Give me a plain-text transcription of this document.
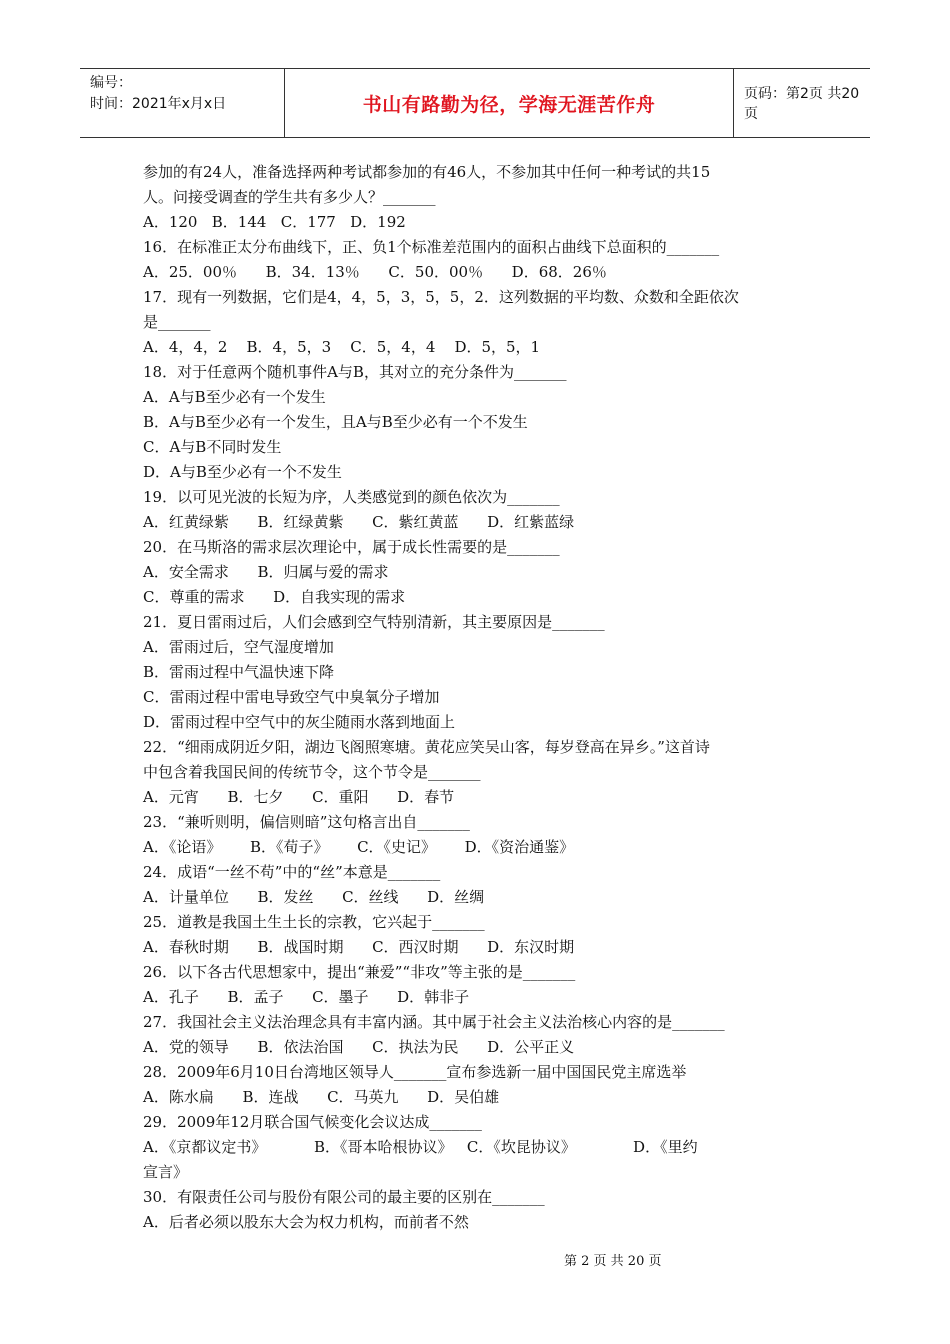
编号：
时间：2021年x月x日	书山有路勤为径，学海无涯苦作舟	页码：第2页 共20页
参加的有24人，准备选择两种考试都参加的有46人，不参加其中任何一种考试的共15
人。问接受调查的学生共有多少人？_______
A．120   B．144   C．177   D．192
16．在标准正太分布曲线下，正、负1个标准差范围内的面积占曲线下总面积的_______
A．25．00％      B．34．13％      C．50．00％      D．68．26％
17．现有一列数据，它们是4，4，5，3，5，5，2．这列数据的平均数、众数和全距依次
是_______
A．4，4，2    B．4，5，3    C．5，4，4    D．5，5，1
18．对于任意两个随机事件A与B，其对立的充分条件为_______
A．A与B至少必有一个发生
B．A与B至少必有一个发生，且A与B至少必有一个不发生
C．A与B不同时发生
D．A与B至少必有一个不发生
19．以可见光波的长短为序，人类感觉到的颜色依次为_______
A．红黄绿紫      B．红绿黄紫      C．紫红黄蓝      D．红紫蓝绿
20．在马斯洛的需求层次理论中，属于成长性需要的是_______
A．安全需求      B．归属与爱的需求
C．尊重的需求      D．自我实现的需求
21．夏日雷雨过后，人们会感到空气特别清新，其主要原因是_______
A．雷雨过后，空气湿度增加
B．雷雨过程中气温快速下降
C．雷雨过程中雷电导致空气中臭氧分子增加
D．雷雨过程中空气中的灰尘随雨水落到地面上
22．“细雨成阴近夕阳，湖边飞阁照寒塘。黄花应笑吴山客，每岁登高在异乡。”这首诗
中包含着我国民间的传统节令，这个节令是_______
A．元宵      B．七夕      C．重阳      D．春节
23．“兼听则明，偏信则暗”这句格言出自_______
A．《论语》      B．《荀子》      C．《史记》      D．《资治通鉴》
24．成语“一丝不苟”中的“丝”本意是_______
A．计量单位      B．发丝      C．丝线      D．丝绸
25．道教是我国土生土长的宗教，它兴起于_______
A．春秋时期      B．战国时期      C．西汉时期      D．东汉时期
26．以下各古代思想家中，提出“兼爱”“非攻”等主张的是_______
A．孔子      B．孟子      C．墨子      D．韩非子
27．我国社会主义法治理念具有丰富内涵。其中属于社会主义法治核心内容的是_______
A．党的领导      B．依法治国      C．执法为民      D．公平正义
28．2009年6月10日台湾地区领导人_______宣布参选新一届中国国民党主席选举
A．陈水扁      B．连战      C．马英九      D．吴伯雄
29．2009年12月联合国气候变化会议达成_______
A．《京都议定书》          B．《哥本哈根协议》   C．《坎昆协议》            D．《里约
宣言》
30．有限责任公司与股份有限公司的最主要的区别在_______
A．后者必须以股东大会为权力机构，而前者不然
第 2 页 共 20 页
